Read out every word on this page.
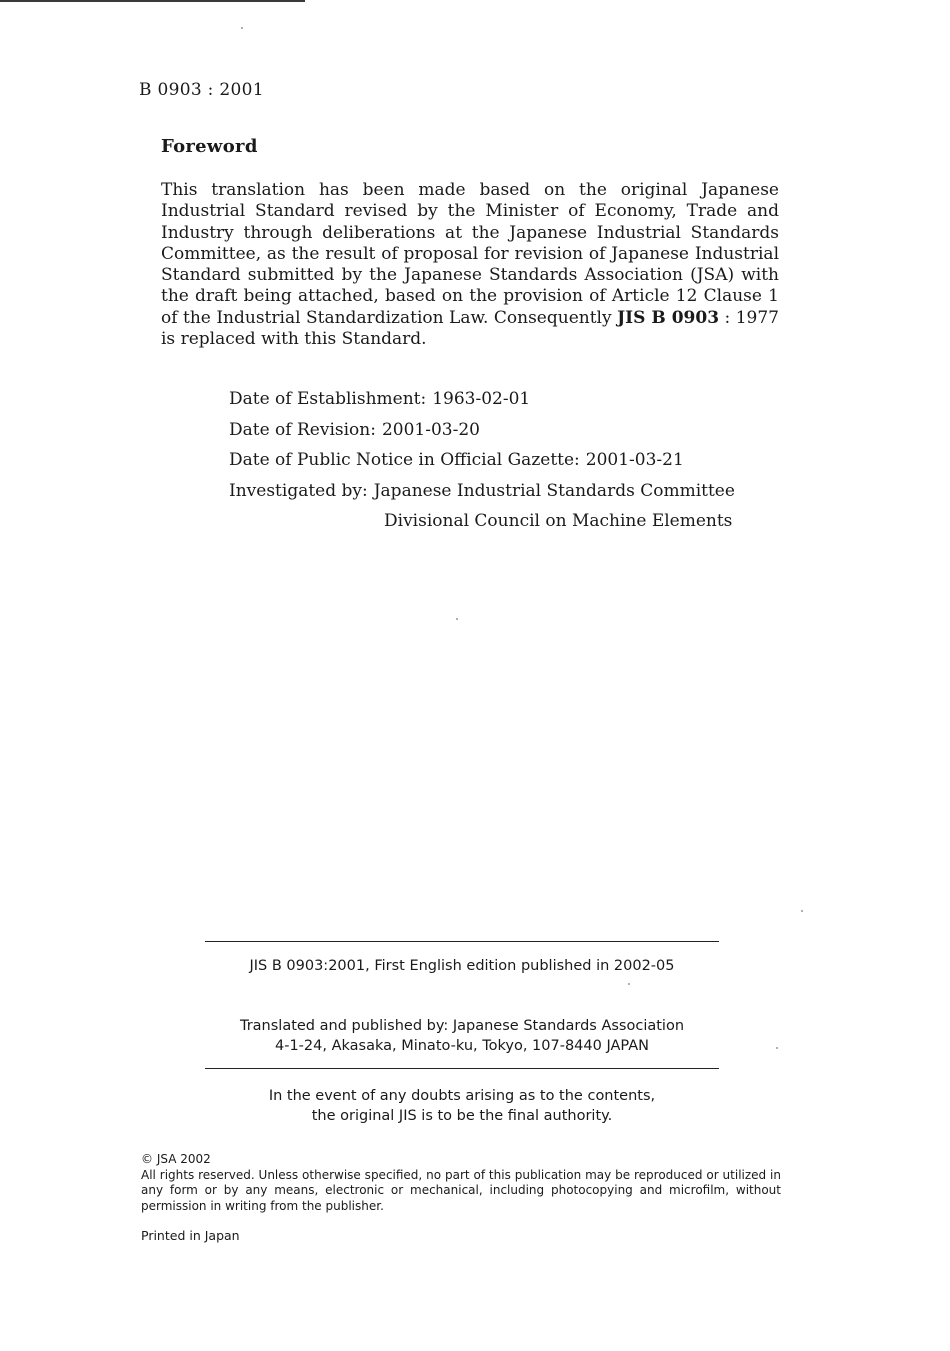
B 0903 : 2001
Foreword

This translation has been made based on the original Japanese Industrial Standard revised by the Minister of Economy, Trade and Industry through deliberations at the Japanese Industrial Standards Committee, as the result of proposal for revision of Japanese Industrial Standard submitted by the Japanese Standards Association (JSA) with the draft being attached, based on the provision of Article 12 Clause 1 of the Industrial Standardization Law. Consequently JIS B 0903 : 1977 is replaced with this Standard.

Date of Establishment: 1963-02-01
Date of Revision: 2001-03-20
Date of Public Notice in Official Gazette: 2001-03-21
Investigated by: Japanese Industrial Standards Committee
Divisional Council on Machine Elements
JIS B 0903:2001, First English edition published in 2002-05
Translated and published by: Japanese Standards Association
4-1-24, Akasaka, Minato-ku, Tokyo, 107-8440 JAPAN
In the event of any doubts arising as to the contents,
the original JIS is to be the final authority.
© JSA 2002

All rights reserved. Unless otherwise specified, no part of this publication may be reproduced or utilized in any form or by any means, electronic or mechanical, including photocopying and microfilm, without permission in writing from the publisher.

Printed in Japan
